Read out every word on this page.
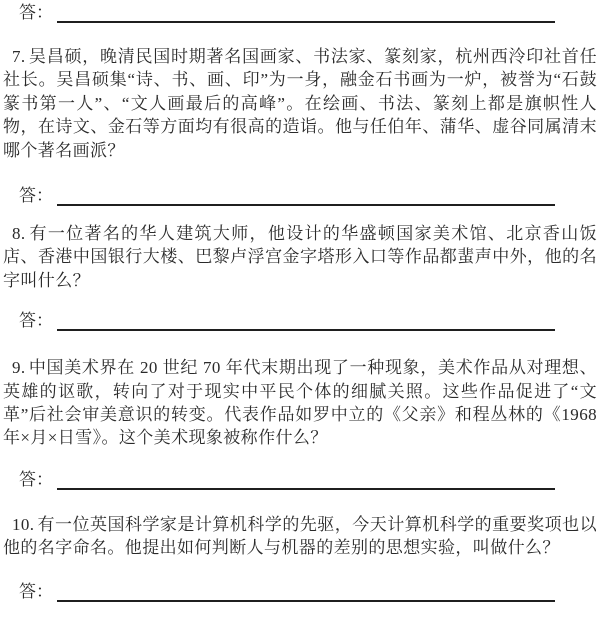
答：

7. 吴昌硕，晚清民国时期著名国画家、书法家、篆刻家，杭州西泠印社首任社长。吴昌硕集“诗、书、画、印”为一身，融金石书画为一炉，被誉为“石鼓篆书第一人”、“文人画最后的高峰”。在绘画、书法、篆刻上都是旗帜性人物，在诗文、金石等方面均有很高的造诣。他与任伯年、蒲华、虚谷同属清末哪个著名画派？

答：

8. 有一位著名的华人建筑大师，他设计的华盛顿国家美术馆、北京香山饭店、香港中国银行大楼、巴黎卢浮宫金字塔形入口等作品都蜚声中外，他的名字叫什么？

答：

9. 中国美术界在 20 世纪 70 年代末期出现了一种现象，美术作品从对理想、英雄的讴歌，转向了对于现实中平民个体的细腻关照。这些作品促进了“文革”后社会审美意识的转变。代表作品如罗中立的《父亲》和程丛林的《1968 年×月×日雪》。这个美术现象被称作什么？

答：

10. 有一位英国科学家是计算机科学的先驱，今天计算机科学的重要奖项也以他的名字命名。他提出如何判断人与机器的差别的思想实验，叫做什么？

答：
